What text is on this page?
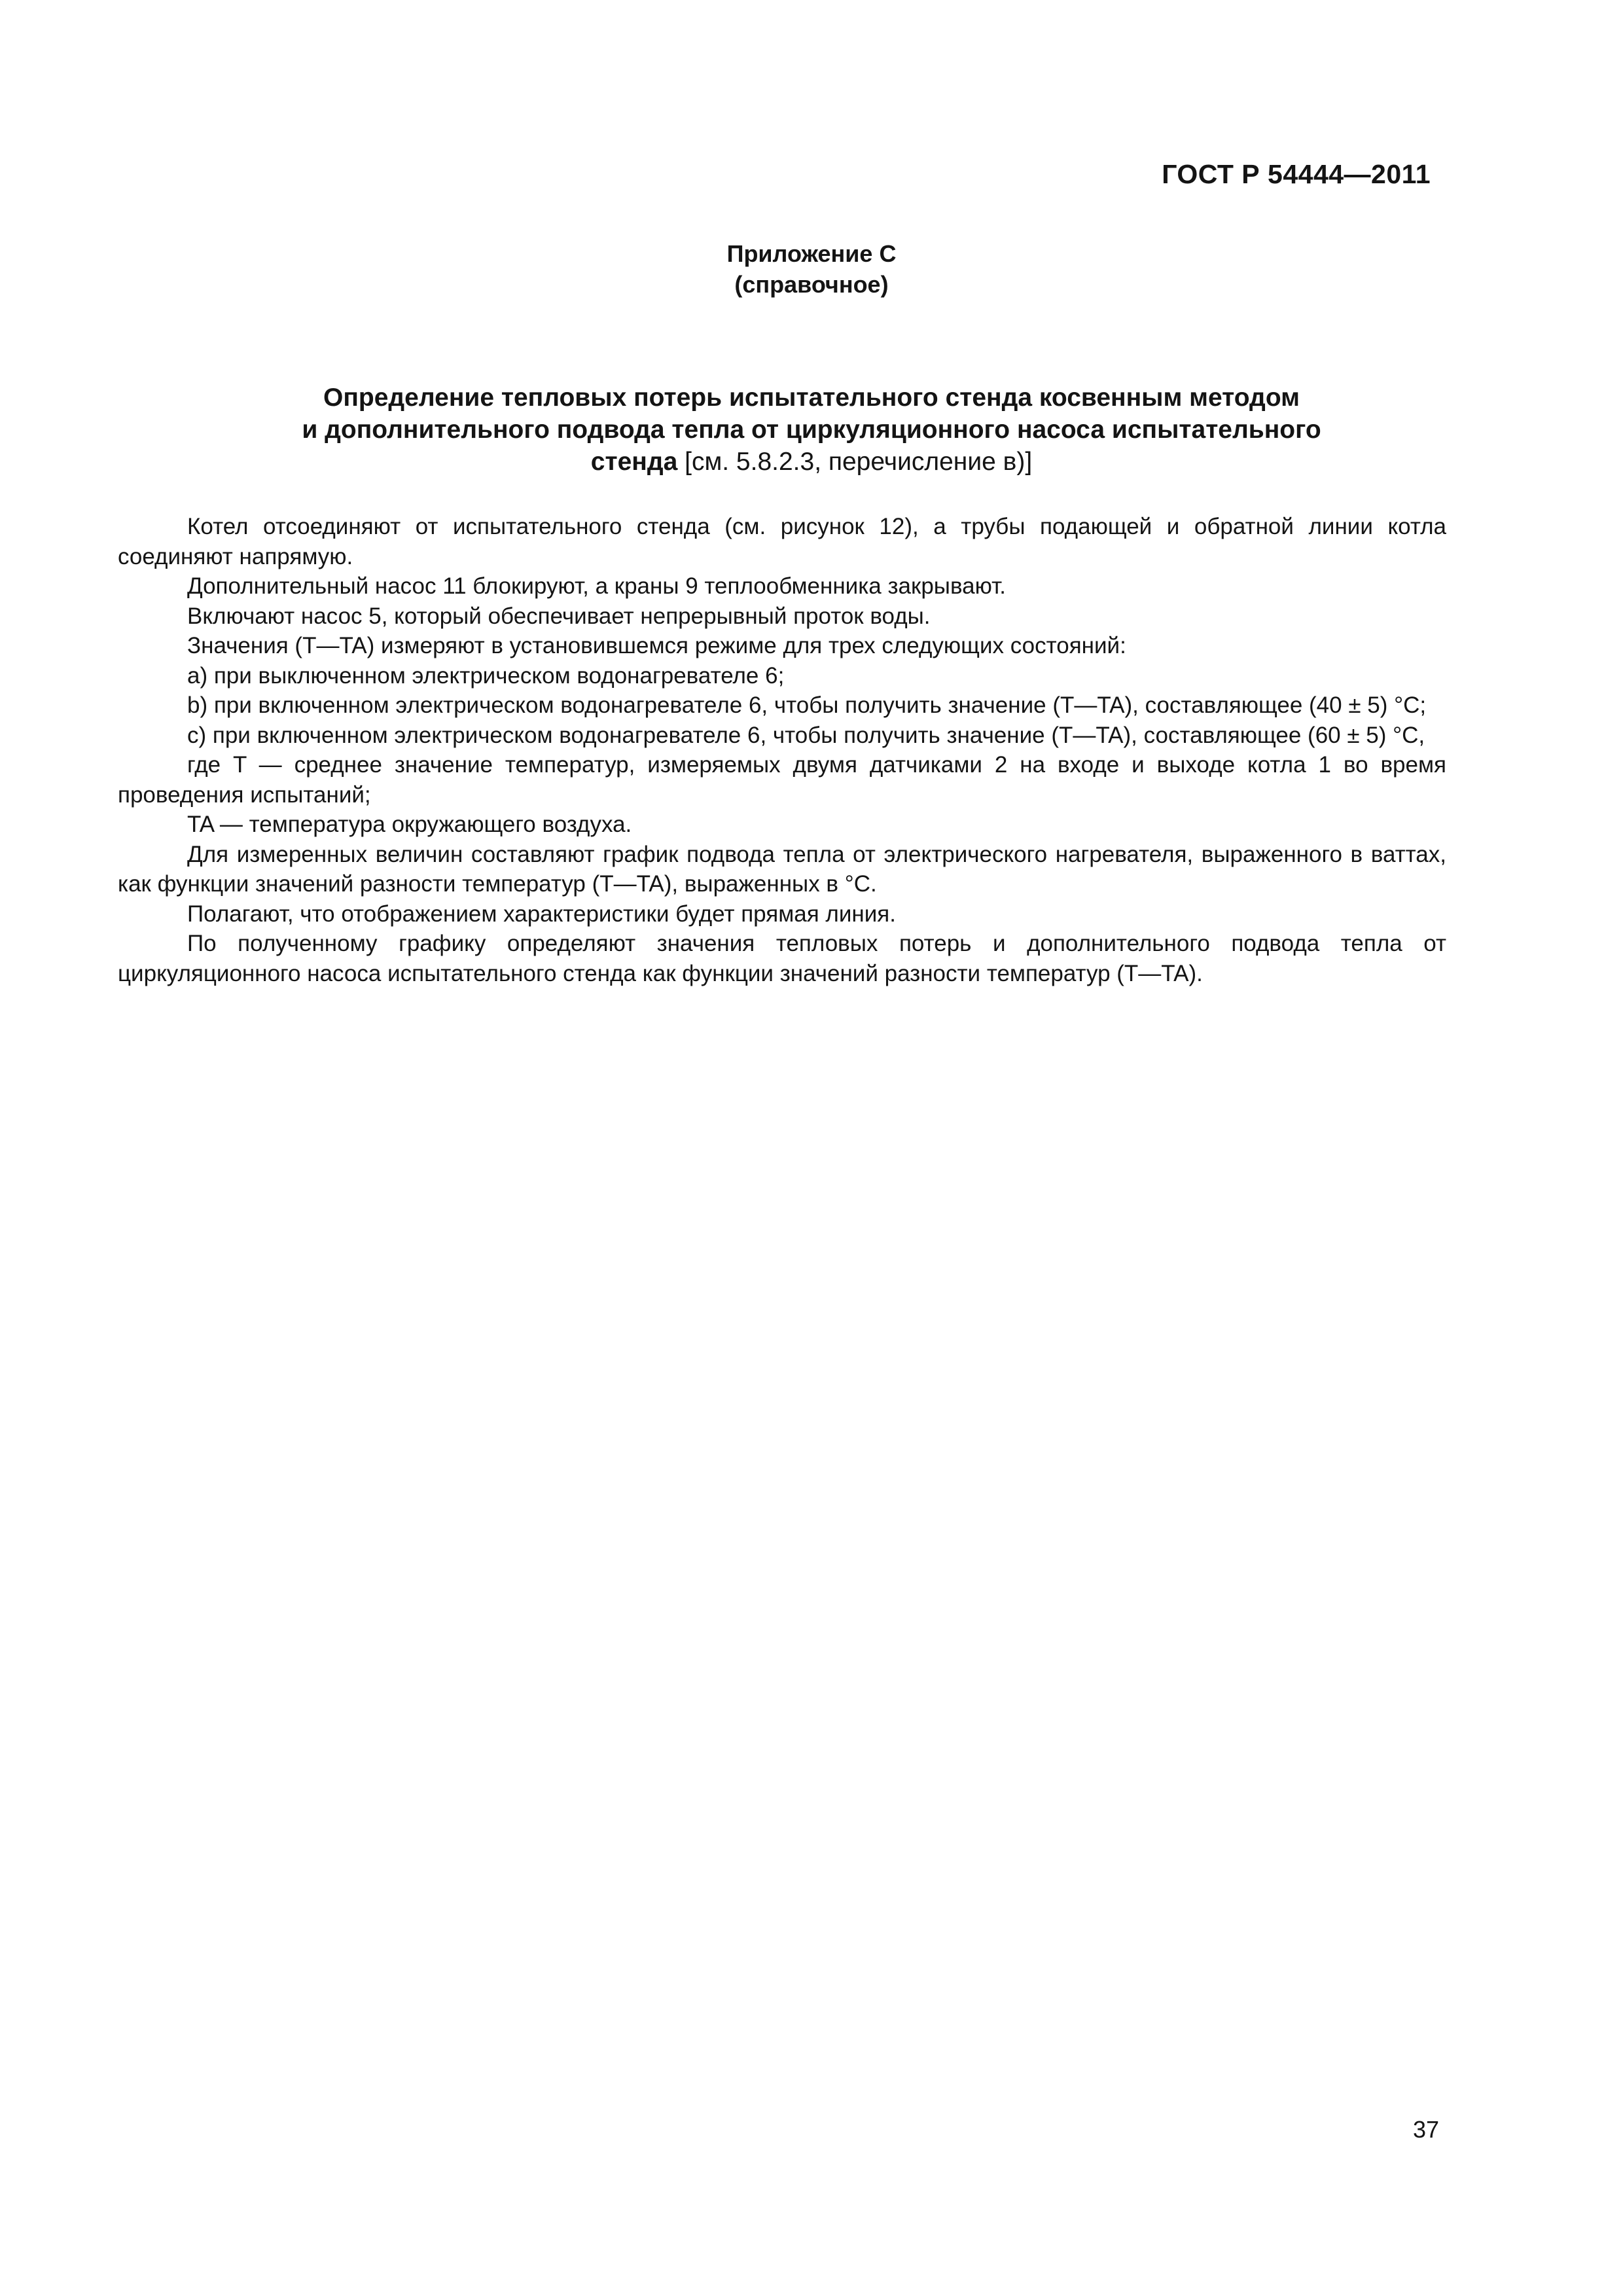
ГОСТ Р 54444—2011
Приложение С
(справочное)
Определение тепловых потерь испытательного стенда косвенным методом
и дополнительного подвода тепла от циркуляционного насоса испытательного
стенда [см. 5.8.2.3, перечисление в)]

Котел отсоединяют от испытательного стенда (см. рисунок 12), а трубы подающей и обратной линии котла соединяют напрямую.

Дополнительный насос 11 блокируют, а краны 9 теплообменника закрывают.

Включают насос 5, который обеспечивает непрерывный проток воды.

Значения (T—TA) измеряют в установившемся режиме для трех следующих состояний:

а) при выключенном электрическом водонагревателе 6;

b) при включенном электрическом водонагревателе 6, чтобы получить значение (T—TA), составляющее (40 ± 5) °С;

с) при включенном электрическом водонагревателе 6, чтобы получить значение (T—TA), составляющее (60 ± 5) °С,

где T — среднее значение температур, измеряемых двумя датчиками 2 на входе и выходе котла 1 во время проведения испытаний;

TA — температура окружающего воздуха.

Для измеренных величин составляют график подвода тепла от электрического нагревателя, выраженного в ваттах, как функции значений разности температур (T—TA), выраженных в °С.

Полагают, что отображением характеристики будет прямая линия.

По полученному графику определяют значения тепловых потерь и дополнительного подвода тепла от циркуляционного насоса испытательного стенда как функции значений разности температур (T—TA).

37
